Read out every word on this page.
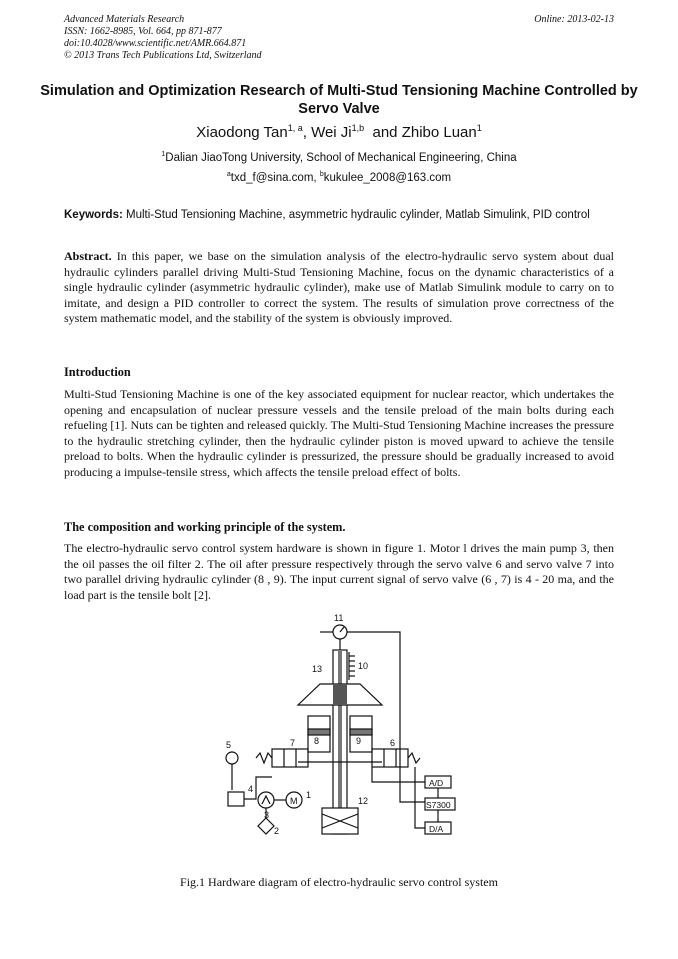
Advanced Materials Research
ISSN: 1662-8985, Vol. 664, pp 871-877
doi:10.4028/www.scientific.net/AMR.664.871
© 2013 Trans Tech Publications Ltd, Switzerland
Online: 2013-02-13
Simulation and Optimization Research of Multi-Stud Tensioning Machine Controlled by Servo Valve
Xiaodong Tan$^{1, a}$, Wei Ji$^{1,b}$  and Zhibo Luan$^1$
$^1$Dalian JiaoTong University, School of Mechanical Engineering, China
$^a$txd_f@sina.com, $^b$kukulee_2008@163.com
Keywords: Multi-Stud Tensioning Machine, asymmetric hydraulic cylinder, Matlab Simulink, PID control
Abstract. In this paper, we base on the simulation analysis of the electro-hydraulic servo system about dual hydraulic cylinders parallel driving Multi-Stud Tensioning Machine, focus on the dynamic characteristics of a single hydraulic cylinder (asymmetric hydraulic cylinder), make use of Matlab Simulink module to carry on to imitate, and design a PID controller to correct the system. The results of simulation prove correctness of the system mathematic model, and the stability of the system is obviously improved.
Introduction
Multi-Stud Tensioning Machine is one of the key associated equipment for nuclear reactor, which undertakes the opening and encapsulation of nuclear pressure vessels and the tensile preload of the main bolts during each refueling [1]. Nuts can be tighten and released quickly. The Multi-Stud Tensioning Machine increases the pressure to the hydraulic stretching cylinder, then the hydraulic cylinder piston is moved upward to achieve the tensile preload to bolts. When the hydraulic cylinder is pressurized, the pressure should be gradually increased to avoid producing a impulse-tensile stress, which affects the tensile preload effect of bolts.
The composition and working principle of the system.
The electro-hydraulic servo control system hardware is shown in figure 1. Motor l drives the main pump 3, then the oil passes the oil filter 2. The oil after pressure respectively through the servo valve 6 and servo valve 7 into two parallel driving hydraulic cylinder (8 , 9). The input current signal of servo valve (6 , 7) is 4 - 20 ma, and the load part is the tensile bolt [2].
11
10
13
8	9
7	6
5
4
3
M
1
2
12
A/D
S7300
D/A
Fig.1 Hardware diagram of electro-hydraulic servo control system
